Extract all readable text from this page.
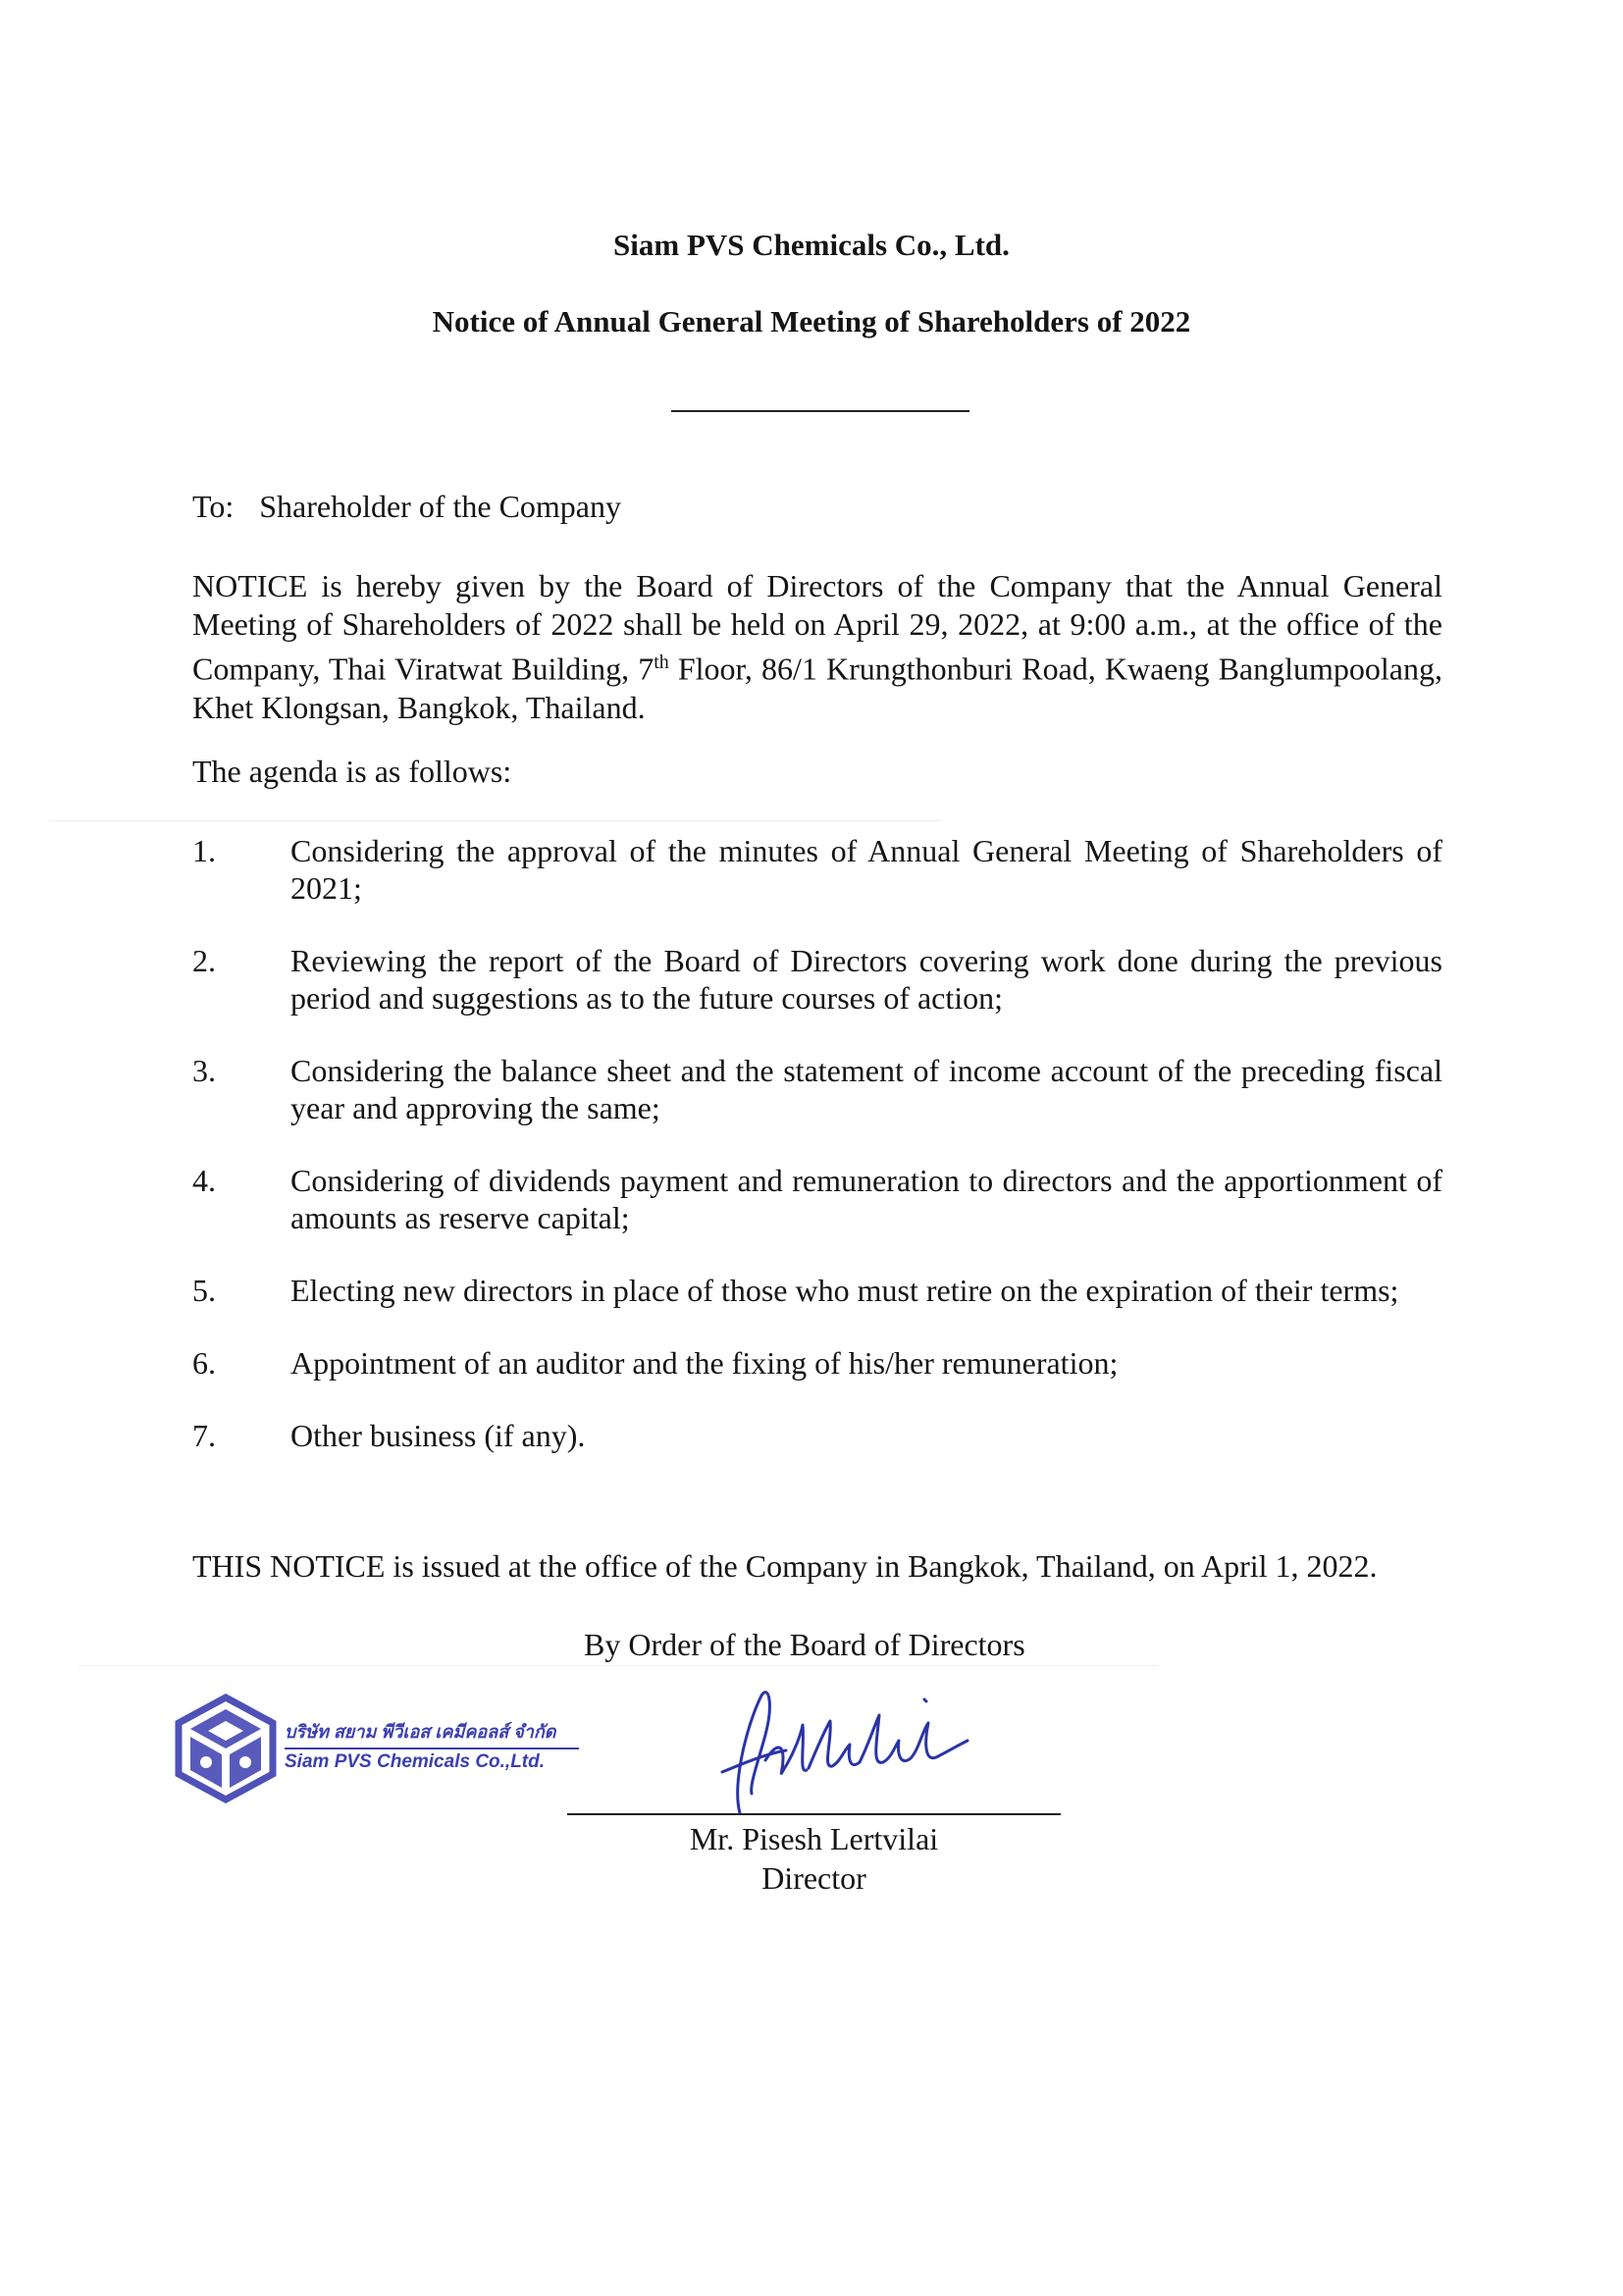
Siam PVS Chemicals Co., Ltd.
Notice of Annual General Meeting of Shareholders of 2022
To: Shareholder of the Company

NOTICE is hereby given by the Board of Directors of the Company that the Annual General Meeting of Shareholders of 2022 shall be held on April 29, 2022, at 9:00 a.m., at the office of the Company, Thai Viratwat Building, 7th Floor, 86/1 Krungthonburi Road, Kwaeng Banglumpoolang, Khet Klongsan, Bangkok, Thailand.

The agenda is as follows:
1.	Considering the approval of the minutes of Annual General Meeting of Shareholders of 2021;
2.	Reviewing the report of the Board of Directors covering work done during the previous period and suggestions as to the future courses of action;
3.	Considering the balance sheet and the statement of income account of the preceding fiscal year and approving the same;
4.	Considering of dividends payment and remuneration to directors and the apportionment of amounts as reserve capital;
5.	Electing new directors in place of those who must retire on the expiration of their terms;
6.	Appointment of an auditor and the fixing of his/her remuneration;
7.	Other business (if any).

THIS NOTICE is issued at the office of the Company in Bangkok, Thailand, on April 1, 2022.

By Order of the Board of Directors
บริษัท สยาม พีวีเอส เคมีคอลส์ จำกัด
Siam PVS Chemicals Co.,Ltd.
Mr. Pisesh Lertvilai
Director
